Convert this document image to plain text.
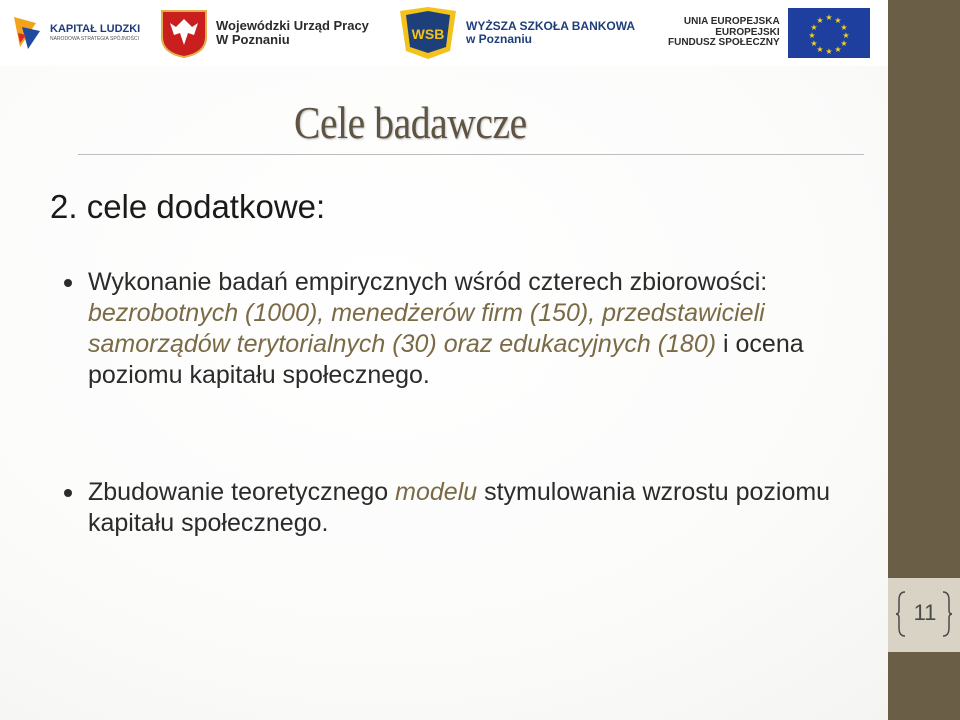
KAPITAŁ LUDZKI
NARODOWA STRATEGIA SPÓJNOŚCI
Wojewódzki Urząd Pracy
W Poznaniu	WSB WYŻSZA SZKOŁA BANKOWA
w Poznaniu
UNIA EUROPEJSKA
EUROPEJSKI
FUNDUSZ SPOŁECZNY
★ ★
★
★
★
★
★
★
★
★
★
★
Cele badawcze
2. cele dodatkowe:
Wykonanie badań empirycznych wśród czterech zbiorowości: bezrobotnych (1000), menedżerów firm (150), przedstawicieli samorządów terytorialnych (30) oraz edukacyjnych (180) i ocena poziomu kapitału społecznego.
Zbudowanie teoretycznego modelu stymulowania wzrostu poziomu kapitału społecznego.
11
